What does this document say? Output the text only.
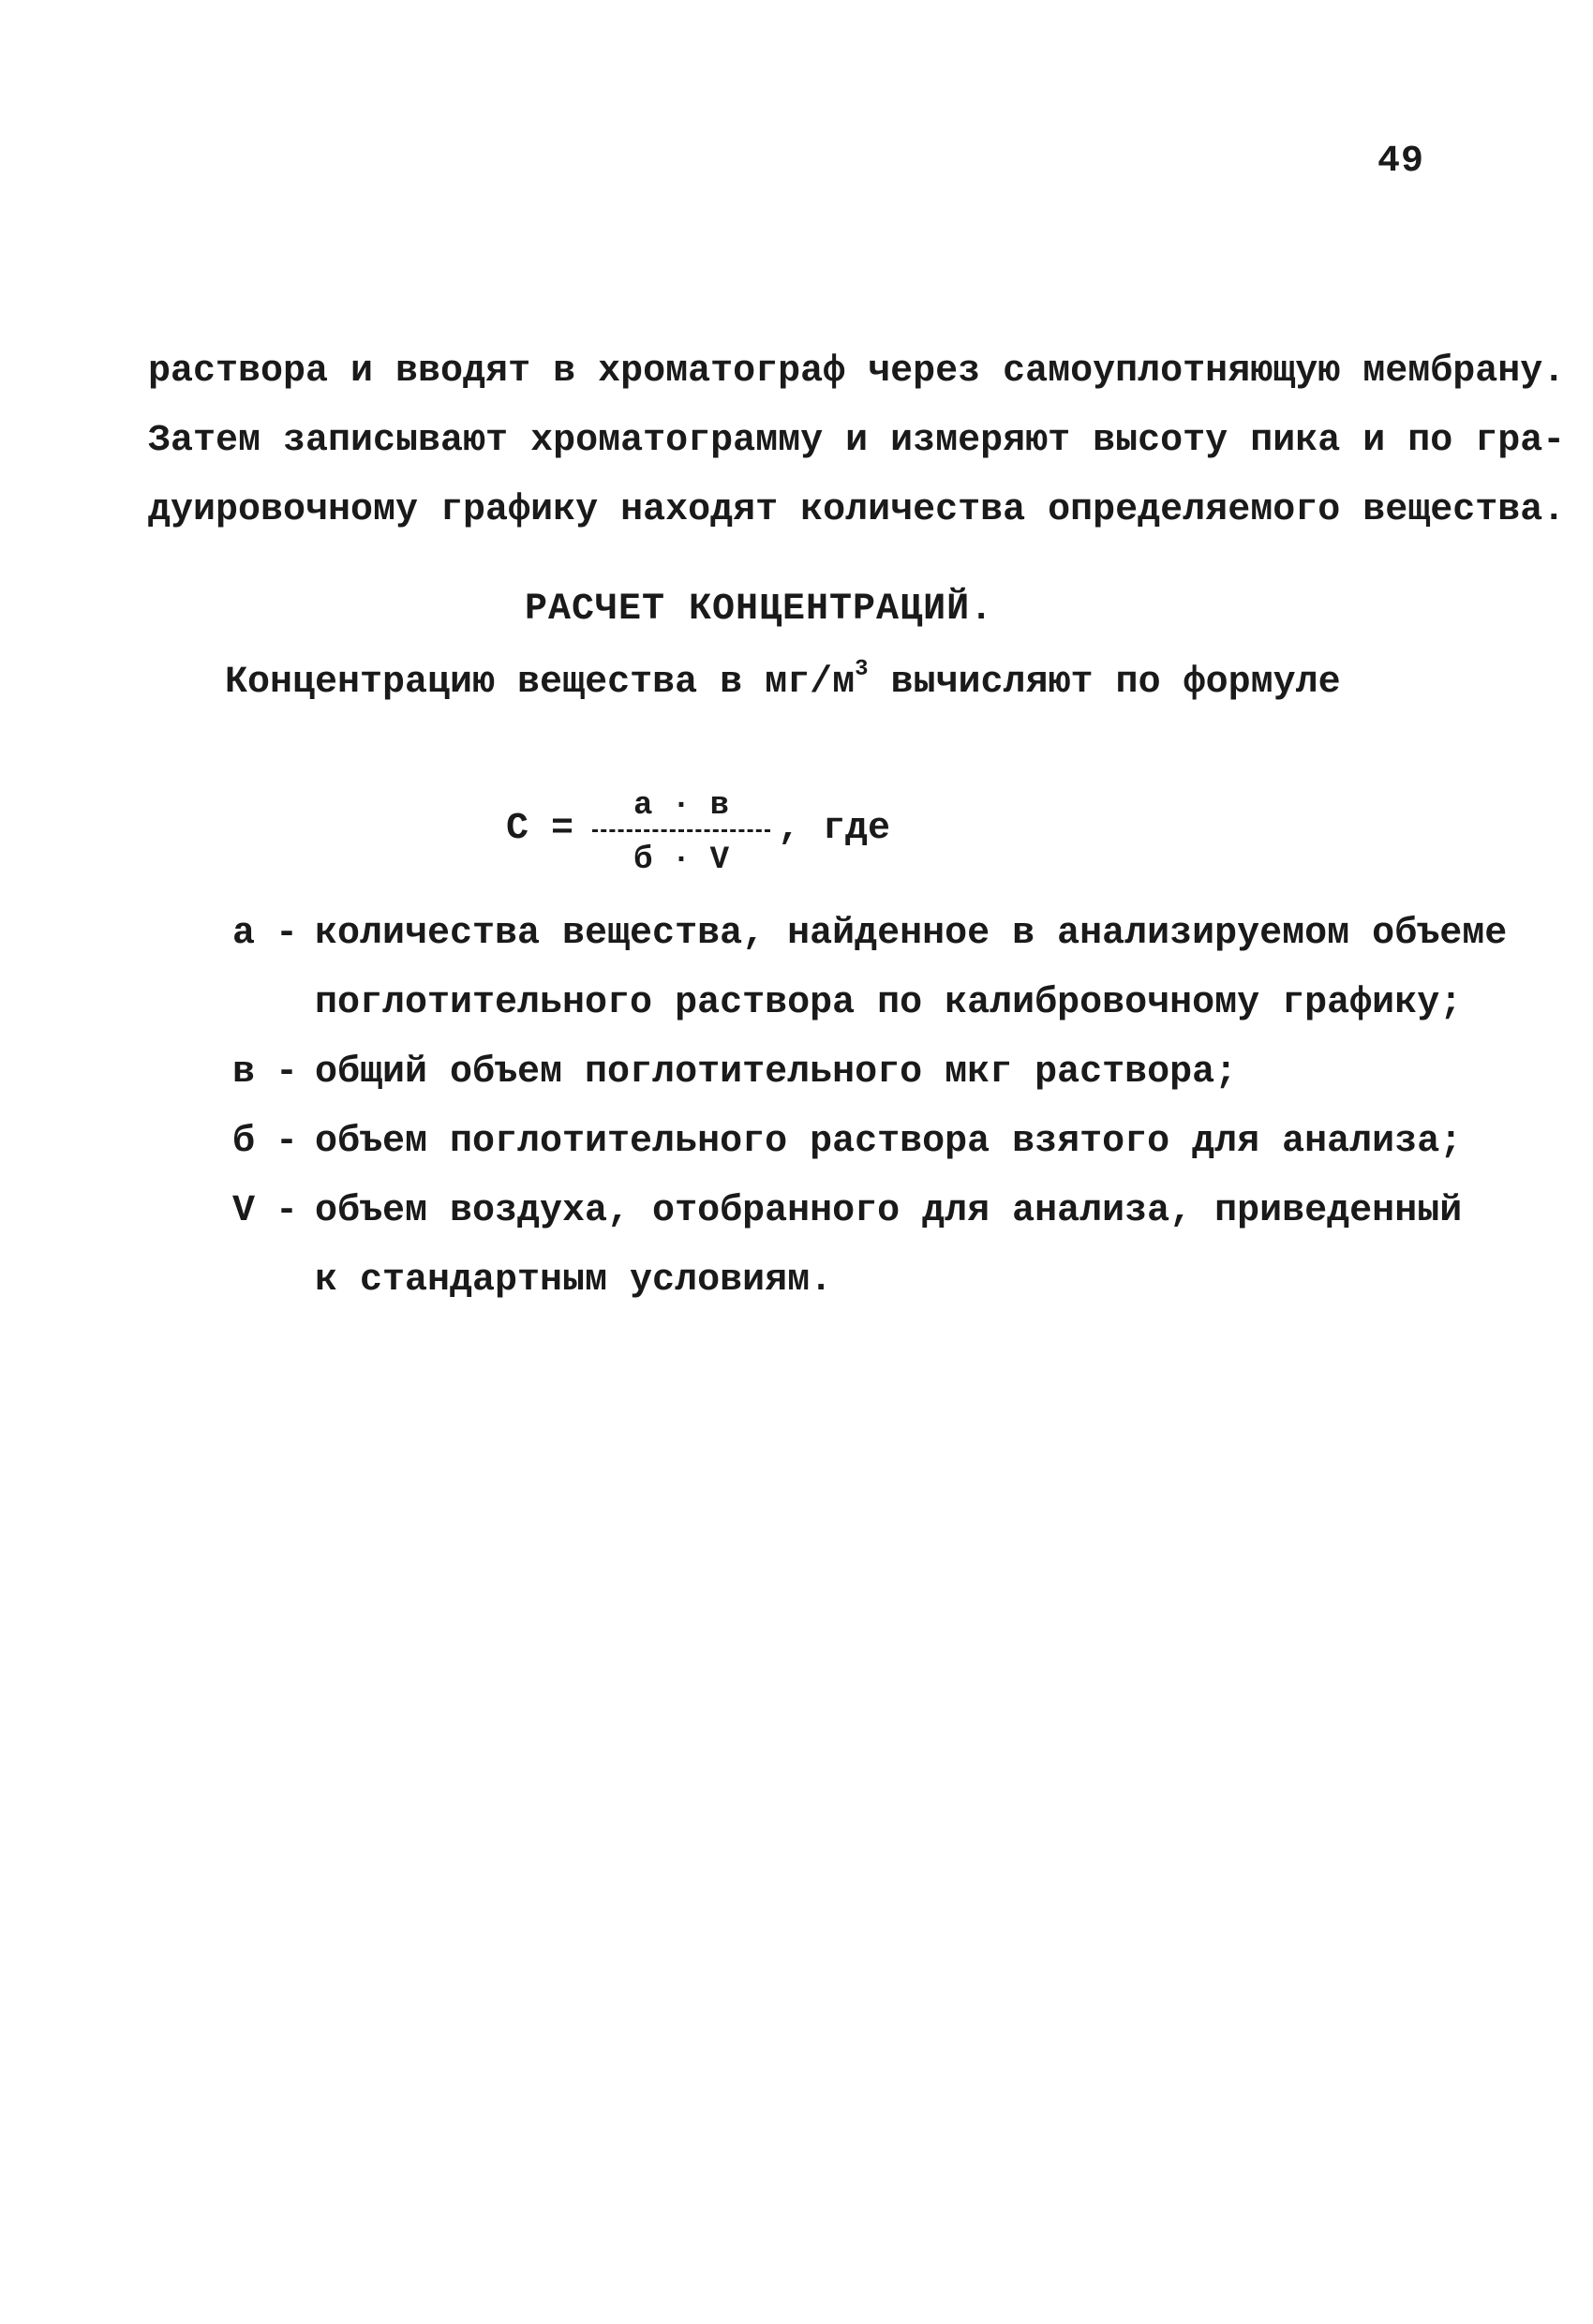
49
раствора и вводят в хроматограф через самоуплотняющую мембрану.
Затем записывают хроматограмму и измеряют высоту пика и по гра-
дуировочному графику находят количества определяемого вещества.
РАСЧЕТ КОНЦЕНТРАЦИЙ.
Концентрацию вещества в $мг/м^3$ вычисляют по формуле
C =
а · в
б · V
, где
а - количества вещества, найденное в анализируемом объеме
поглотительного раствора по калибровочному графику;
в - общий объем поглотительного мкг раствора;
б - объем поглотительного раствора взятого для анализа;
V - объем воздуха, отобранного для анализа, приведенный
к стандартным условиям.
